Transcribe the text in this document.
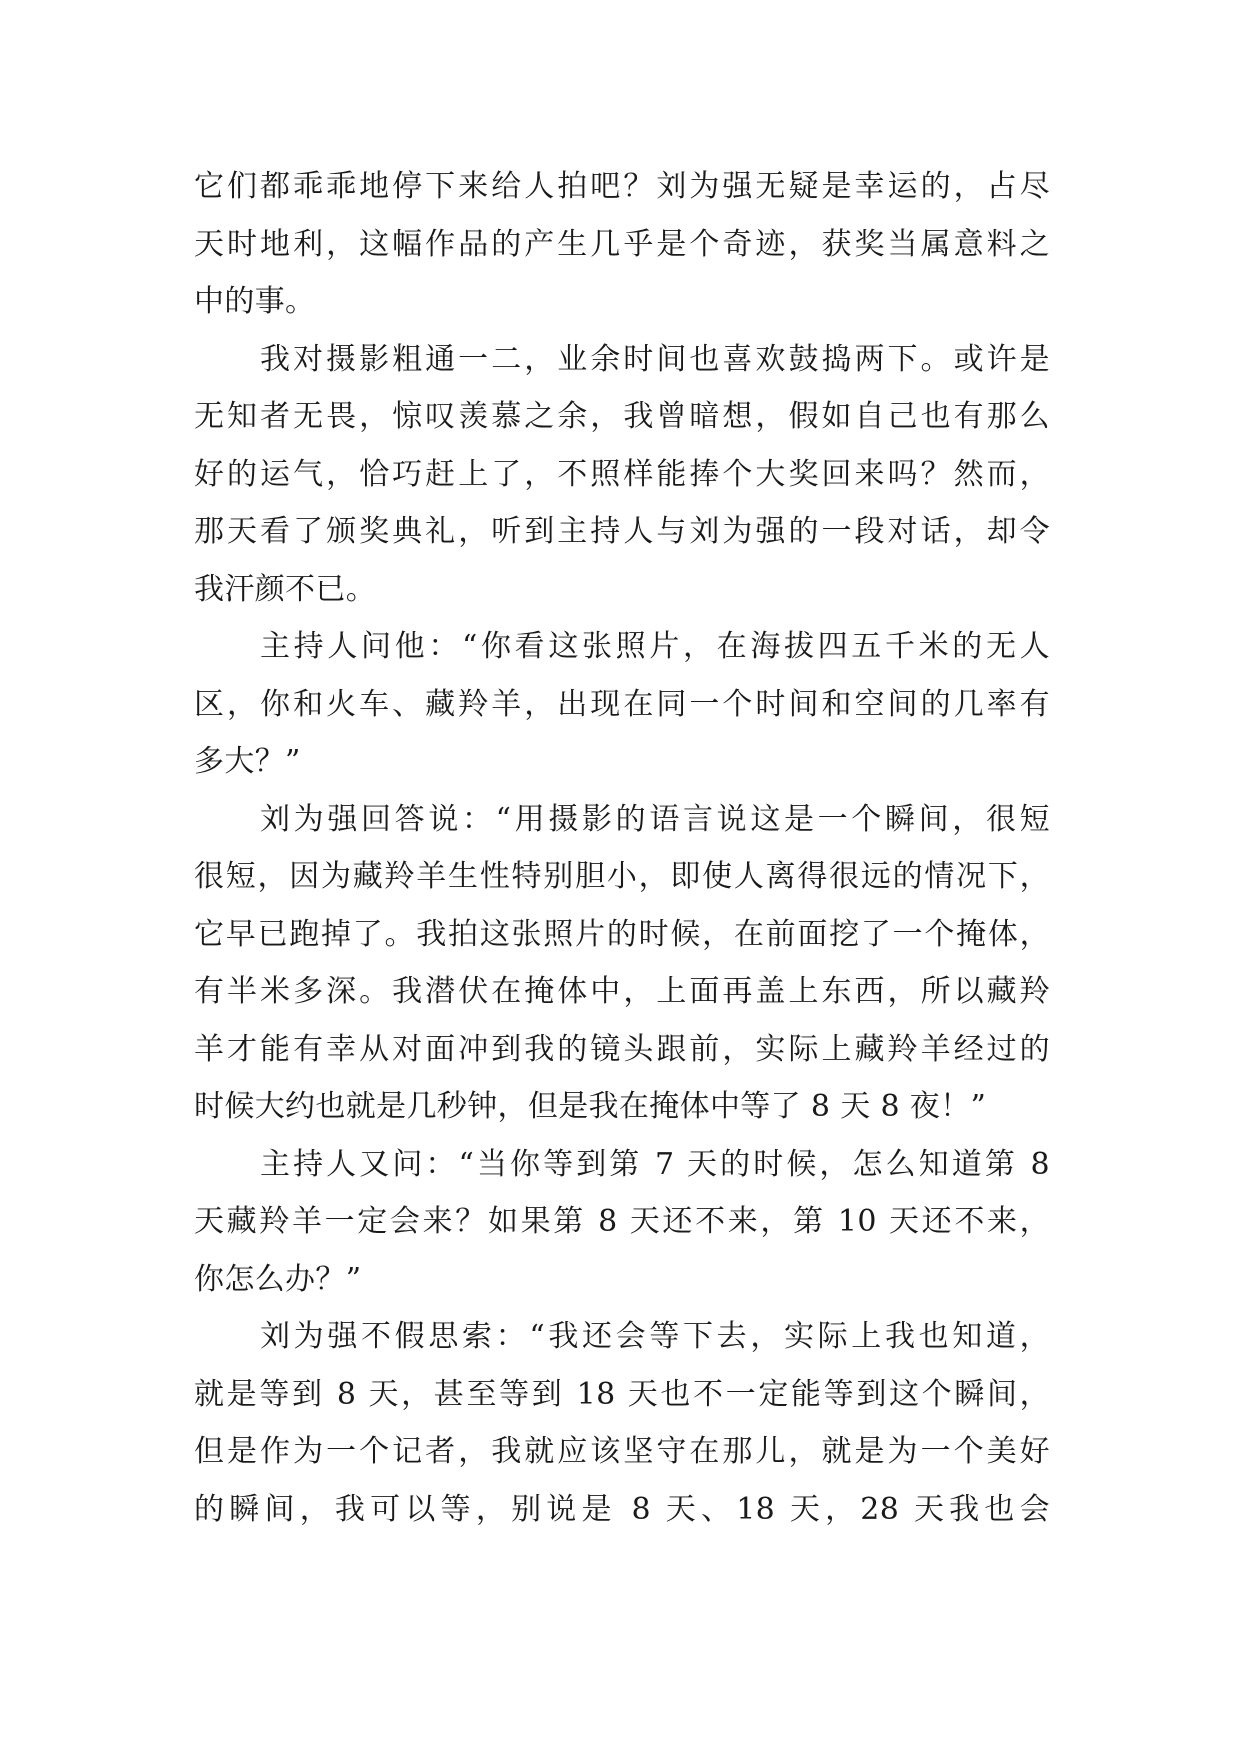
它们都乖乖地停下来给人拍吧？刘为强无疑是幸运的，占尽
天时地利，这幅作品的产生几乎是个奇迹，获奖当属意料之
中的事。
我对摄影粗通一二，业余时间也喜欢鼓捣两下。或许是
无知者无畏，惊叹羡慕之余，我曾暗想，假如自己也有那么
好的运气，恰巧赶上了，不照样能捧个大奖回来吗？然而，
那天看了颁奖典礼，听到主持人与刘为强的一段对话，却令
我汗颜不已。
主持人问他：“你看这张照片，在海拔四五千米的无人
区，你和火车、藏羚羊，出现在同一个时间和空间的几率有
多大？”
刘为强回答说：“用摄影的语言说这是一个瞬间，很短
很短，因为藏羚羊生性特别胆小，即使人离得很远的情况下，
它早已跑掉了。我拍这张照片的时候，在前面挖了一个掩体，
有半米多深。我潜伏在掩体中，上面再盖上东西，所以藏羚
羊才能有幸从对面冲到我的镜头跟前，实际上藏羚羊经过的
时候大约也就是几秒钟，但是我在掩体中等了 8 天 8 夜！”
主持人又问：“当你等到第 7 天的时候，怎么知道第 8
天藏羚羊一定会来？如果第 8 天还不来，第 10 天还不来，
你怎么办？”
刘为强不假思索：“我还会等下去，实际上我也知道，
就是等到 8 天，甚至等到 18 天也不一定能等到这个瞬间，
但是作为一个记者，我就应该坚守在那儿，就是为一个美好
的瞬间，我可以等，别说是 8 天、18 天，28 天我也会
